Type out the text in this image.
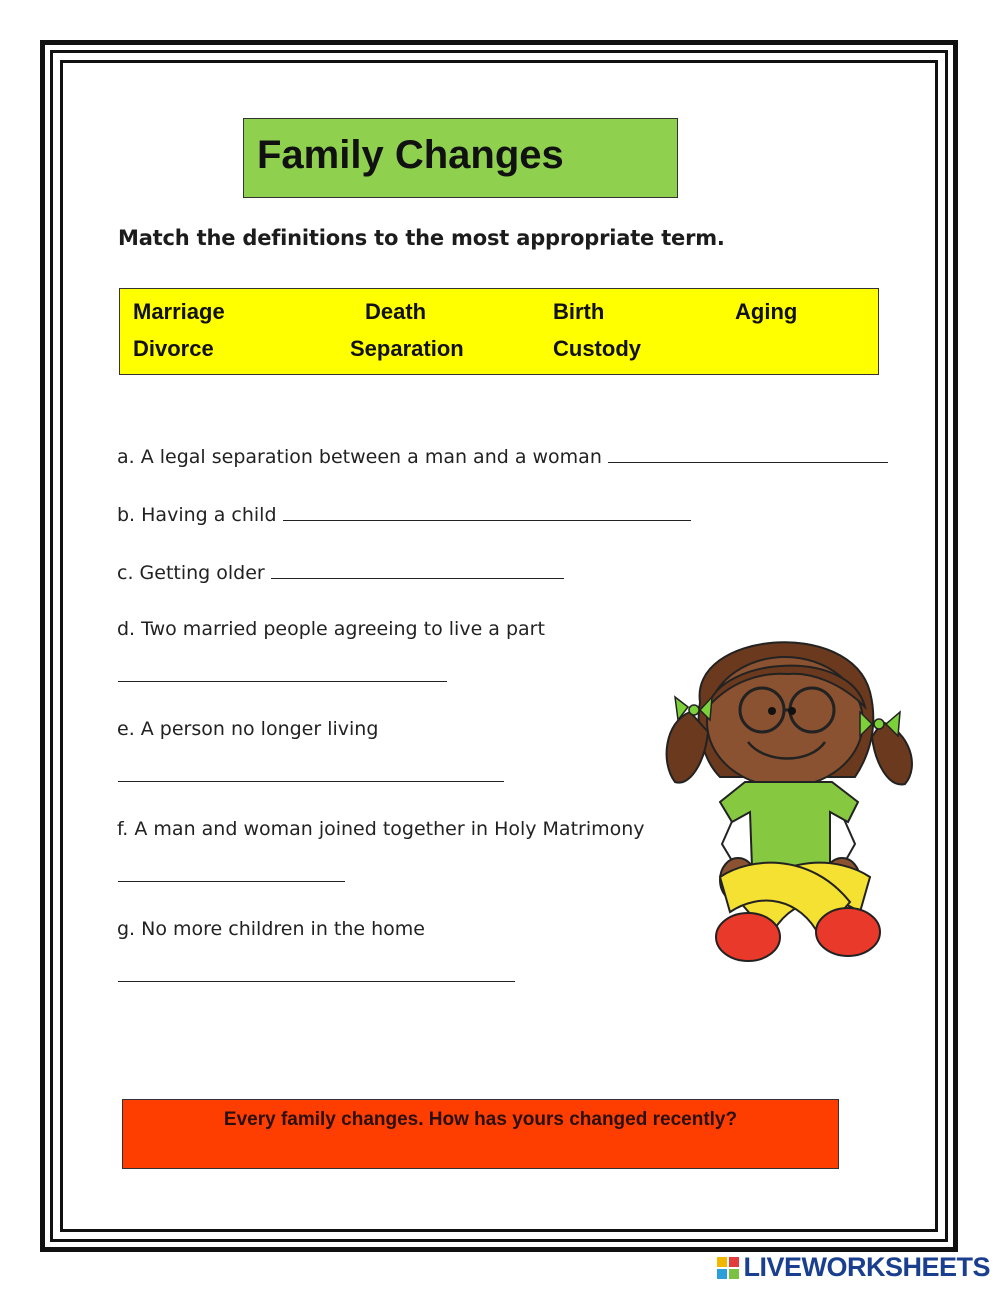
Family Changes
Match the definitions to the most appropriate term.
Marriage	Death	Birth	Aging
Divorce	Separation	Custody
a. A legal separation between a man and a woman
b. Having a child
c. Getting older
d. Two married people agreeing to live a part
e. A person no longer living
f. A man and woman joined together in Holy Matrimony
g. No more children in the home
Every family changes. How has yours changed recently?
LIVEWORKSHEETS
